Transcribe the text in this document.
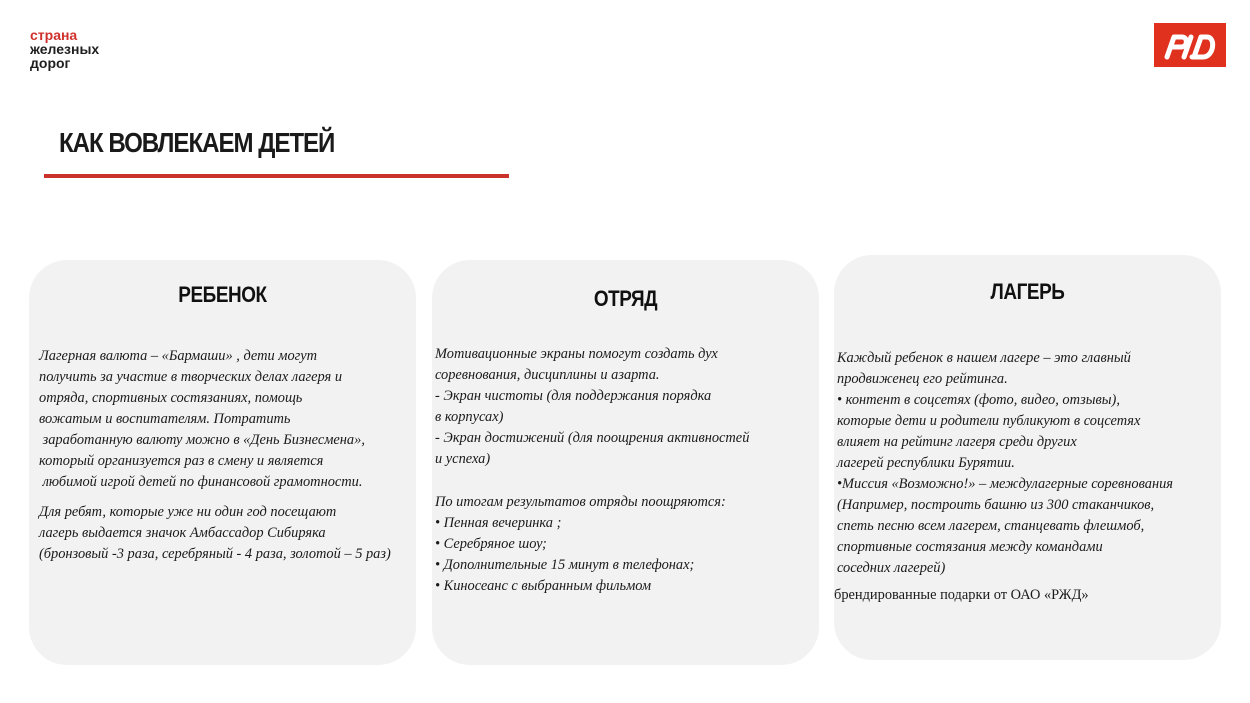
страна
железных
дорог
КАК ВОВЛЕКАЕМ ДЕТЕЙ
РЕБЕНОК
Лагерная валюта – «Бармаши» , дети могут
получить за участие в творческих делах лагеря и
отряда, спортивных состязаниях, помощь
вожатым и воспитателям. Потратить
заработанную валюту можно в «День Бизнесмена»,
который организуется раз в смену и является
любимой игрой детей по финансовой грамотности.
Для ребят, которые уже ни один год посещают
лагерь выдается значок Амбассадор Сибиряка
(бронзовый -3 раза, серебряный - 4 раза, золотой – 5 раз)
ОТРЯД
Мотивационные экраны помогут создать дух
соревнования, дисциплины и азарта.
- Экран чистоты (для поддержания порядка
в корпусах)
- Экран достижений (для поощрения активностей
и успеха)
По итогам результатов отряды поощряются:
• Пенная вечеринка ;
• Серебряное шоу;
• Дополнительные 15 минут в телефонах;
• Киносеанс с выбранным фильмом
ЛАГЕРЬ
Каждый ребенок в нашем лагере – это главный
продвиженец его рейтинга.
• контент в соцсетях (фото, видео, отзывы),
которые дети и родители публикуют в соцсетях
влияет на рейтинг лагеря среди других
лагерей республики Бурятии.
•Миссия «Возможно!» – междулагерные соревнования
(Например, построить башню из 300 стаканчиков,
спеть песню всем лагерем, станцевать флешмоб,
спортивные состязания между командами
соседних лагерей)
брендированные подарки от ОАО «РЖД»
